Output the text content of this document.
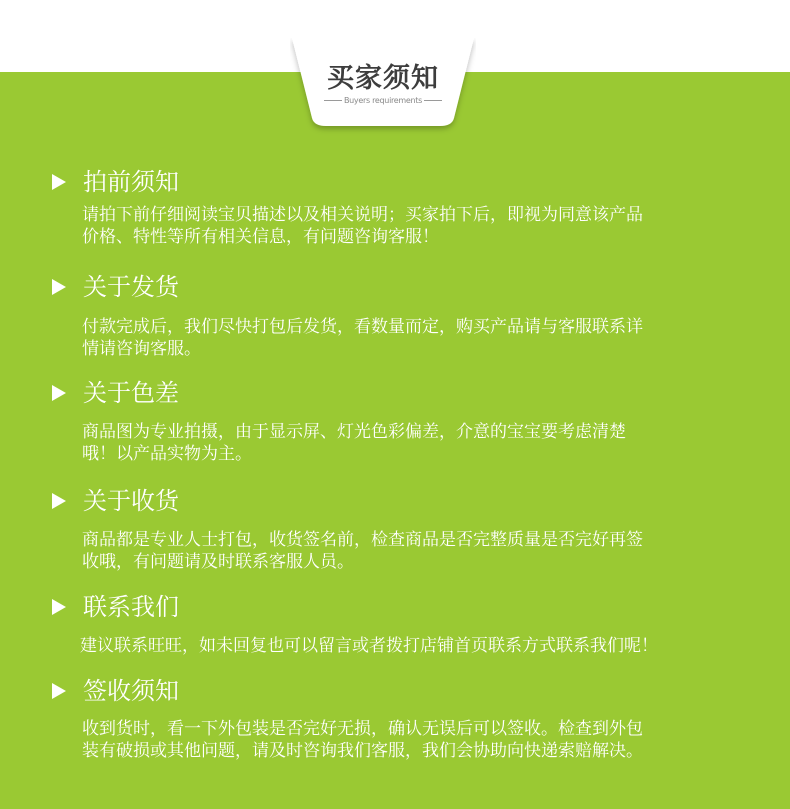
买家须知
Buyers requirements
拍前须知
请拍下前仔细阅读宝贝描述以及相关说明；买家拍下后，即视为同意该产品
价格、特性等所有相关信息，有问题咨询客服！
关于发货
付款完成后，我们尽快打包后发货，看数量而定，购买产品请与客服联系详
情请咨询客服。
关于色差
商品图为专业拍摄，由于显示屏、灯光色彩偏差，介意的宝宝要考虑清楚
哦！以产品实物为主。
关于收货
商品都是专业人士打包，收货签名前，检查商品是否完整质量是否完好再签
收哦，有问题请及时联系客服人员。
联系我们
建议联系旺旺，如未回复也可以留言或者拨打店铺首页联系方式联系我们呢！
签收须知
收到货时，看一下外包装是否完好无损，确认无误后可以签收。检查到外包
装有破损或其他问题，请及时咨询我们客服，我们会协助向快递索赔解决。
